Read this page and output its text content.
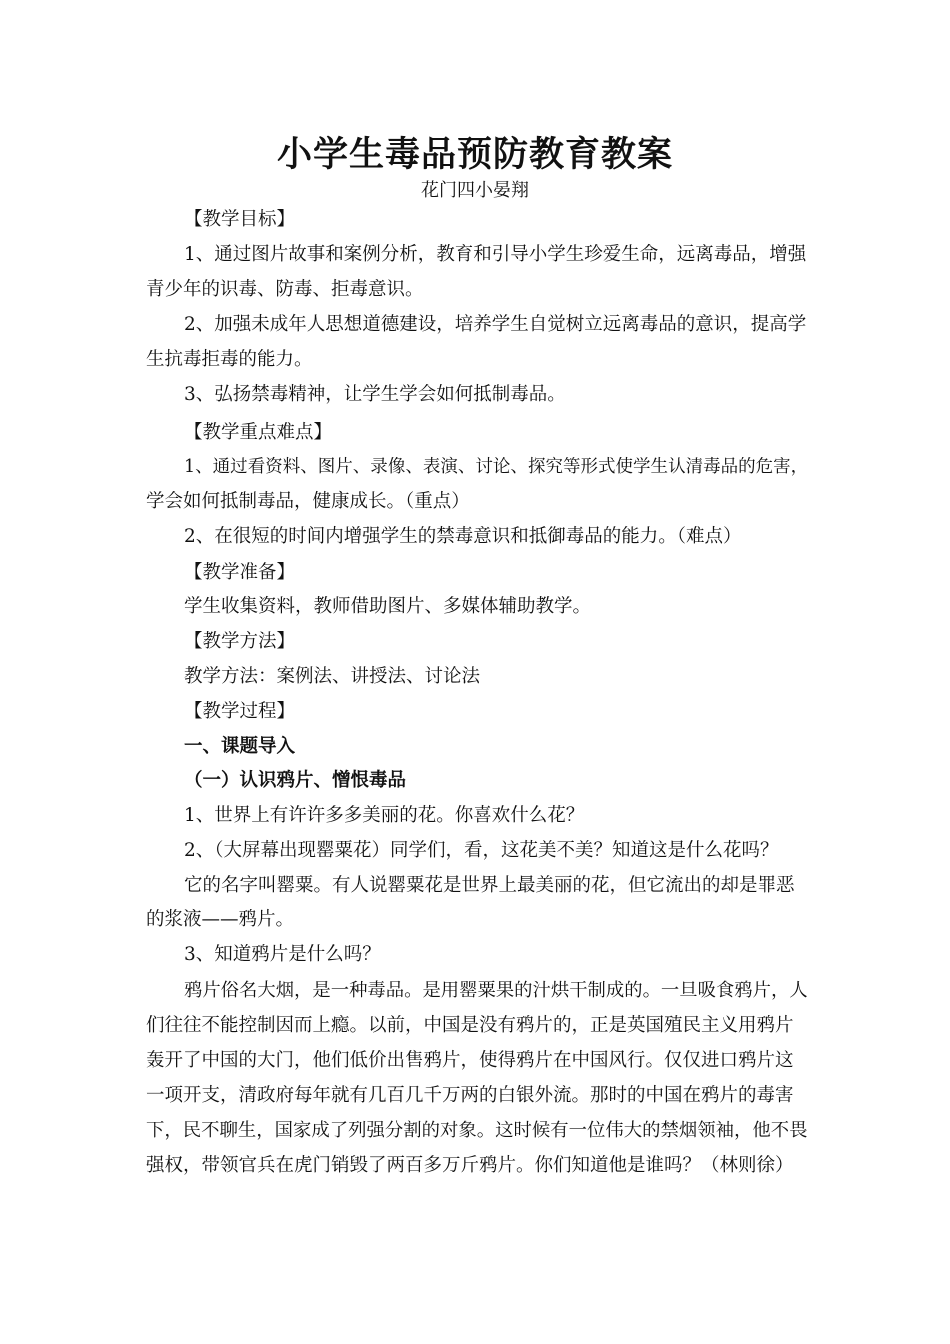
小学生毒品预防教育教案
花门四小晏翔
【教学目标】
1、通过图片故事和案例分析，教育和引导小学生珍爱生命，远离毒品，增强
青少年的识毒、防毒、拒毒意识。
2、加强未成年人思想道德建设，培养学生自觉树立远离毒品的意识，提高学
生抗毒拒毒的能力。
3、弘扬禁毒精神，让学生学会如何抵制毒品。
【教学重点难点】
1、通过看资料、图片、录像、表演、讨论、探究等形式使学生认清毒品的危害，
学会如何抵制毒品，健康成长。（重点）
2、在很短的时间内增强学生的禁毒意识和抵御毒品的能力。（难点）
【教学准备】
学生收集资料，教师借助图片、多媒体辅助教学。
【教学方法】
教学方法：案例法、讲授法、讨论法
【教学过程】
一、课题导入
（一）认识鸦片、憎恨毒品
1、世界上有许许多多美丽的花。你喜欢什么花？
2、（大屏幕出现罂粟花）同学们，看，这花美不美？知道这是什么花吗？
它的名字叫罂粟。有人说罂粟花是世界上最美丽的花，但它流出的却是罪恶
的浆液——鸦片。
3、知道鸦片是什么吗？
鸦片俗名大烟，是一种毒品。是用罂粟果的汁烘干制成的。一旦吸食鸦片，人
们往往不能控制因而上瘾。以前，中国是没有鸦片的，正是英国殖民主义用鸦片
轰开了中国的大门，他们低价出售鸦片，使得鸦片在中国风行。仅仅进口鸦片这
一项开支，清政府每年就有几百几千万两的白银外流。那时的中国在鸦片的毒害
下，民不聊生，国家成了列强分割的对象。这时候有一位伟大的禁烟领袖，他不畏
强权，带领官兵在虎门销毁了两百多万斤鸦片。你们知道他是谁吗？（林则徐）
